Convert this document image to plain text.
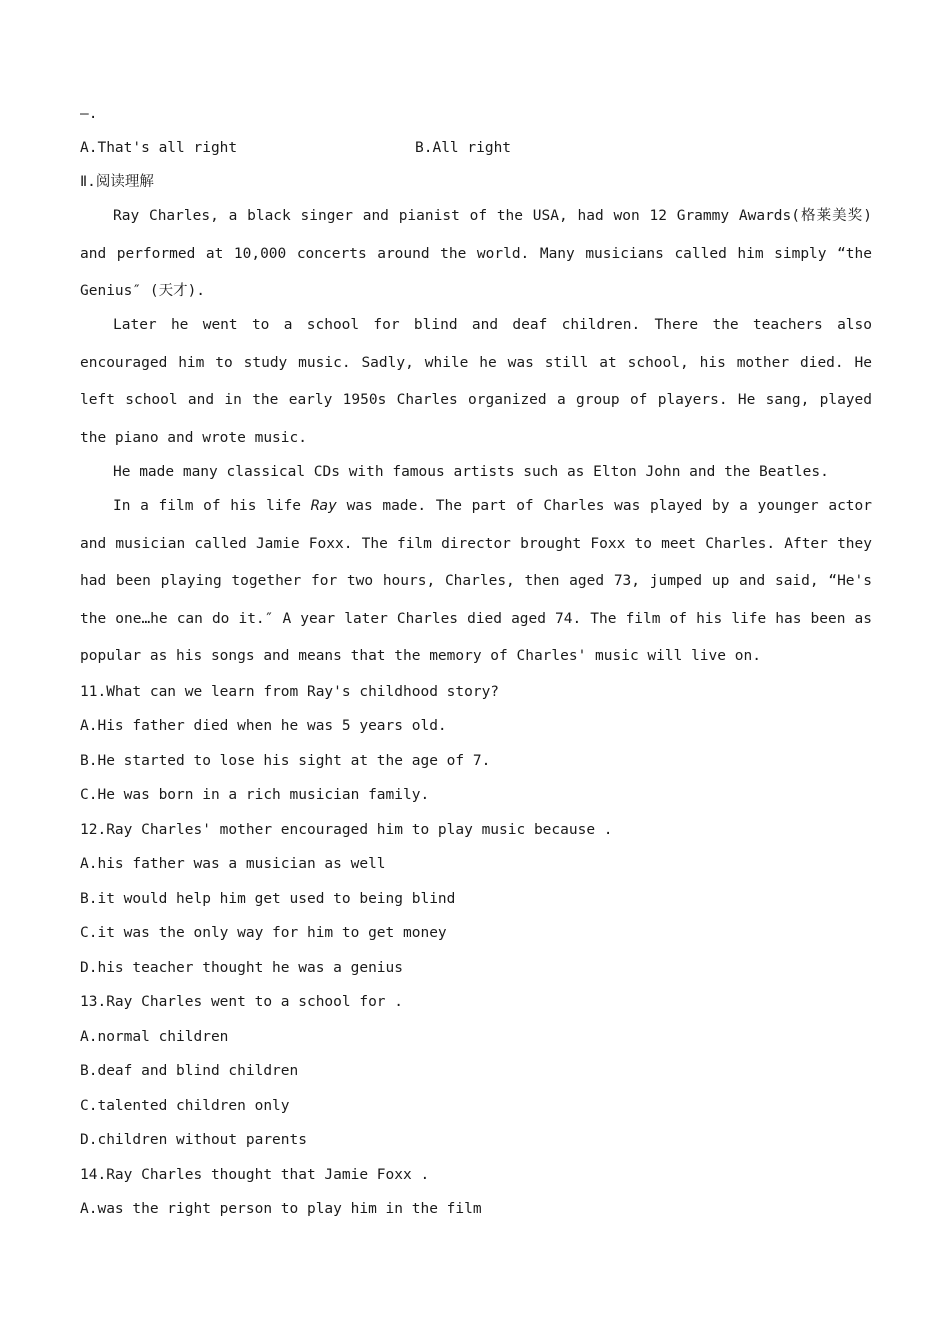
—.
A.That's all right	B.All right
Ⅱ.阅读理解
Ray Charles, a black singer and pianist of the USA, had won 12 Grammy Awards(格莱美奖) and performed at 10,000 concerts around the world. Many musicians called him simply “the Genius″ (天才).
Later he went to a school for blind and deaf children. There the teachers also encouraged him to study music. Sadly, while he was still at school, his mother died. He left school and in the early 1950s Charles organized a group of players. He sang, played the piano and wrote music.
He made many classical CDs with famous artists such as Elton John and the Beatles.
In a film of his life Ray was made. The part of Charles was played by a younger actor and musician called Jamie Foxx. The film director brought Foxx to meet Charles. After they had been playing together for two hours, Charles, then aged 73, jumped up and said, “He's the one…he can do it.″ A year later Charles died aged 74. The film of his life has been as popular as his songs and means that the memory of Charles' music will live on.
11.What can we learn from Ray's childhood story?
A.His father died when he was 5 years old.
B.He started to lose his sight at the age of 7.
C.He was born in a rich musician family.
12.Ray Charles' mother encouraged him to play music because .
A.his father was a musician as well
B.it would help him get used to being blind
C.it was the only way for him to get money
D.his teacher thought he was a genius
13.Ray Charles went to a school for .
A.normal children
B.deaf and blind children
C.talented children only
D.children without parents
14.Ray Charles thought that Jamie Foxx .
A.was the right person to play him in the film
